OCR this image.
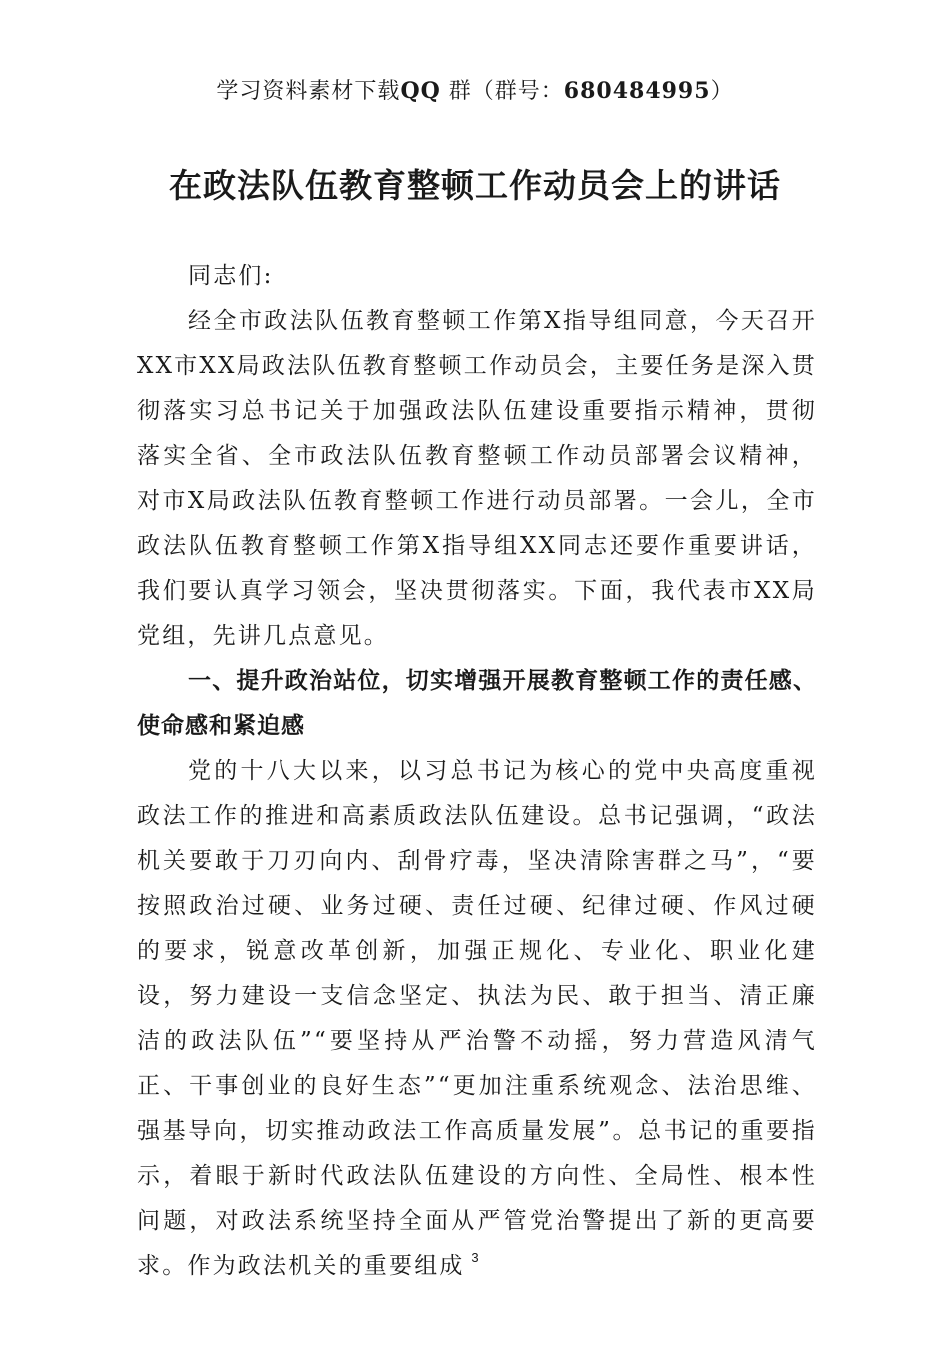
学习资料素材下载QQ 群（群号：680484995）
在政法队伍教育整顿工作动员会上的讲话

同志们:

经全市政法队伍教育整顿工作第X指导组同意，今天召开XX市XX局政法队伍教育整顿工作动员会，主要任务是深入贯彻落实习总书记关于加强政法队伍建设重要指示精神，贯彻落实全省、全市政法队伍教育整顿工作动员部署会议精神，对市X局政法队伍教育整顿工作进行动员部署。一会儿，全市政法队伍教育整顿工作第X指导组XX同志还要作重要讲话，我们要认真学习领会，坚决贯彻落实。下面，我代表市XX局党组，先讲几点意见。

一、提升政治站位，切实增强开展教育整顿工作的责任感、使命感和紧迫感

党的十八大以来，以习总书记为核心的党中央高度重视政法工作的推进和高素质政法队伍建设。总书记强调，“政法机关要敢于刀刃向内、刮骨疗毒，坚决清除害群之马”，“要按照政治过硬、业务过硬、责任过硬、纪律过硬、作风过硬的要求，锐意改革创新，加强正规化、专业化、职业化建设，努力建设一支信念坚定、执法为民、敢于担当、清正廉洁的政法队伍”“要坚持从严治警不动摇，努力营造风清气正、干事创业的良好生态”“更加注重系统观念、法治思维、强基导向，切实推动政法工作高质量发展”。总书记的重要指示，着眼于新时代政法队伍建设的方向性、全局性、根本性问题，对政法系统坚持全面从严管党治警提出了新的更高要求。作为政法机关的重要组成 3
